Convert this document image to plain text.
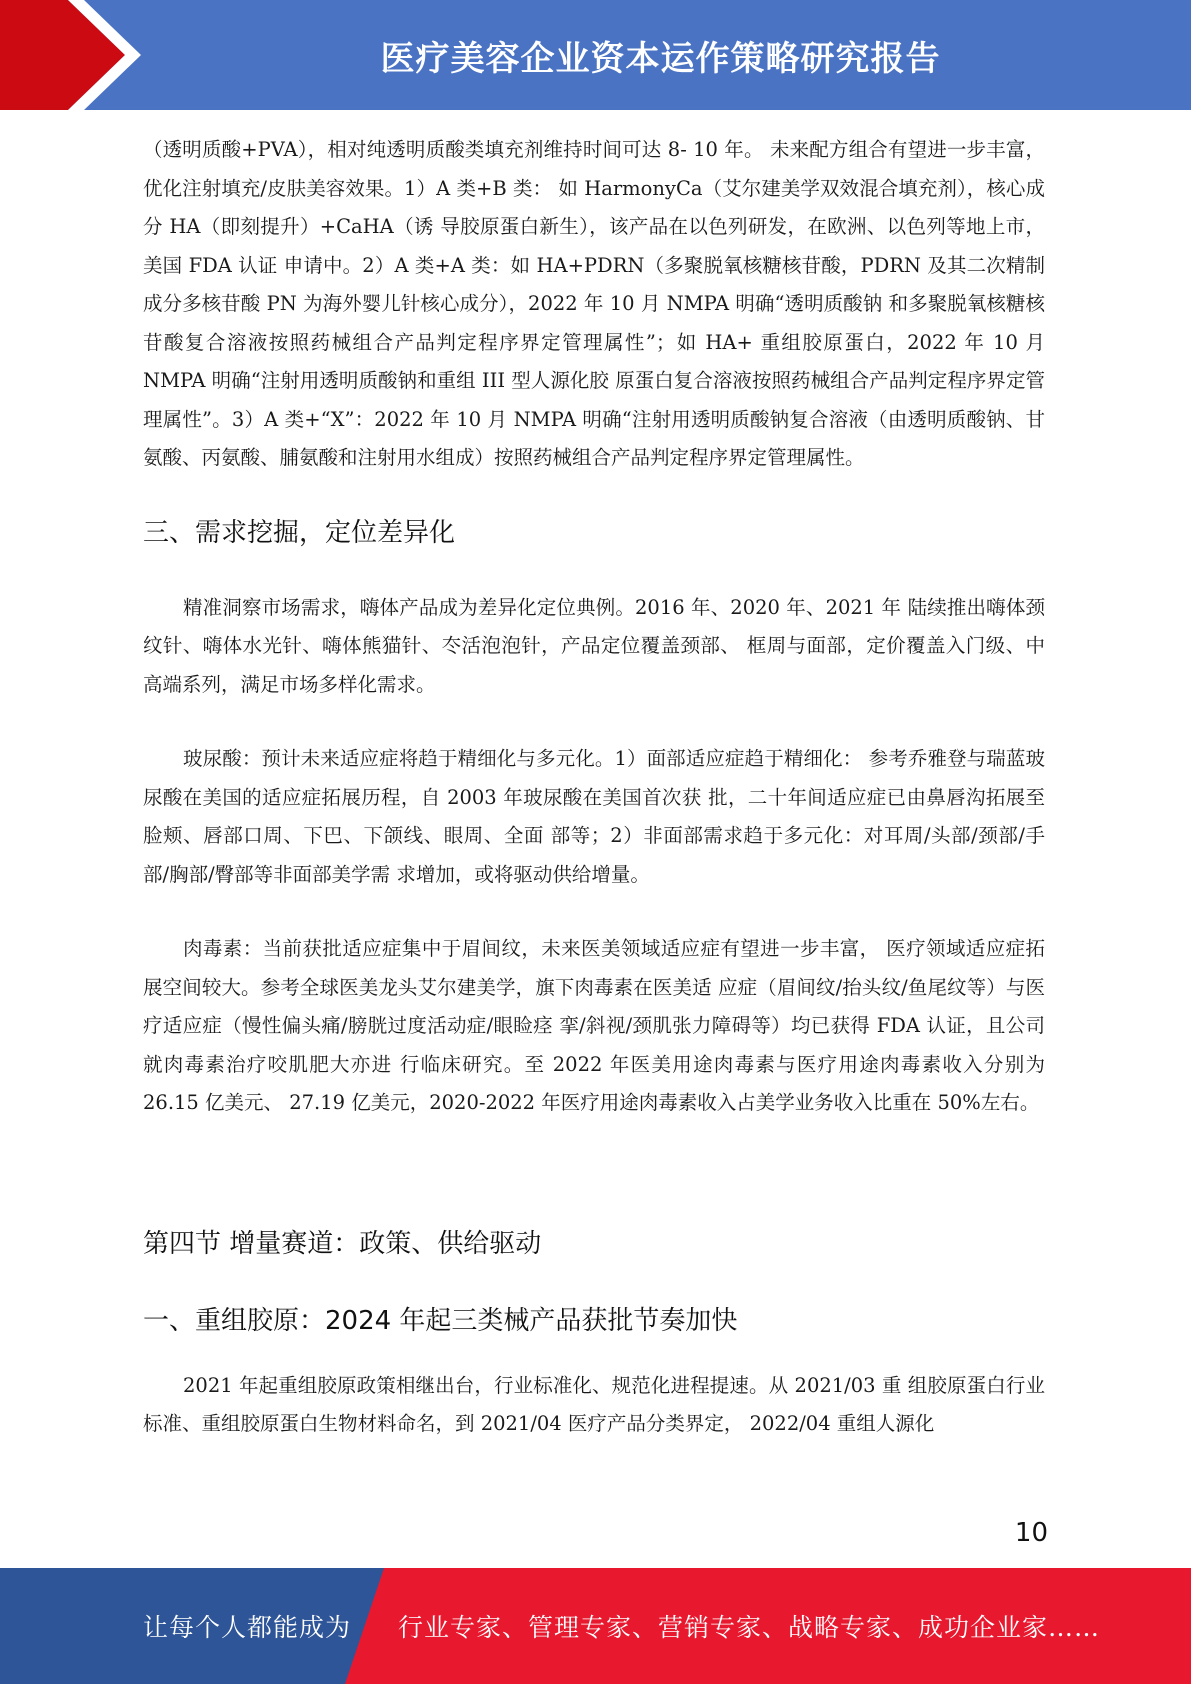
医疗美容企业资本运作策略研究报告

（透明质酸+PVA），相对纯透明质酸类填充剂维持时间可达 8- 10 年。 未来配方组合有望进一步丰富，优化注射填充/皮肤美容效果。1）A 类+B 类： 如 HarmonyCa（艾尔建美学双效混合填充剂），核心成分 HA（即刻提升）+CaHA（诱 导胶原蛋白新生），该产品在以色列研发，在欧洲、以色列等地上市，美国 FDA 认证 申请中。2）A 类+A 类：如 HA+PDRN（多聚脱氧核糖核苷酸，PDRN 及其二次精制 成分多核苷酸 PN 为海外婴儿针核心成分），2022 年 10 月 NMPA 明确“透明质酸钠 和多聚脱氧核糖核苷酸复合溶液按照药械组合产品判定程序界定管理属性”；如 HA+ 重组胶原蛋白，2022 年 10 月 NMPA 明确“注射用透明质酸钠和重组 III 型人源化胶 原蛋白复合溶液按照药械组合产品判定程序界定管理属性”。3）A 类+“X”：2022 年 10 月 NMPA 明确“注射用透明质酸钠复合溶液（由透明质酸钠、甘氨酸、丙氨酸、脯氨酸和注射用水组成）按照药械组合产品判定程序界定管理属性。

三、需求挖掘，定位差异化

精准洞察市场需求，嗨体产品成为差异化定位典例。2016 年、2020 年、2021 年 陆续推出嗨体颈纹针、嗨体水光针、嗨体熊猫针、冭活泡泡针，产品定位覆盖颈部、 框周与面部，定价覆盖入门级、中高端系列，满足市场多样化需求。

玻尿酸：预计未来适应症将趋于精细化与多元化。1）面部适应症趋于精细化： 参考乔雅登与瑞蓝玻尿酸在美国的适应症拓展历程，自 2003 年玻尿酸在美国首次获 批，二十年间适应症已由鼻唇沟拓展至脸颊、唇部口周、下巴、下颌线、眼周、全面 部等；2）非面部需求趋于多元化：对耳周/头部/颈部/手部/胸部/臀部等非面部美学需 求增加，或将驱动供给增量。

肉毒素：当前获批适应症集中于眉间纹，未来医美领域适应症有望进一步丰富， 医疗领域适应症拓展空间较大。参考全球医美龙头艾尔建美学，旗下肉毒素在医美适 应症（眉间纹/抬头纹/鱼尾纹等）与医疗适应症（慢性偏头痛/膀胱过度活动症/眼睑痉 挛/斜视/颈肌张力障碍等）均已获得 FDA 认证，且公司就肉毒素治疗咬肌肥大亦进 行临床研究。至 2022 年医美用途肉毒素与医疗用途肉毒素收入分别为 26.15 亿美元、 27.19 亿美元，2020-2022 年医疗用途肉毒素收入占美学业务收入比重在 50%左右。

第四节 增量赛道：政策、供给驱动
一、重组胶原：2024 年起三类械产品获批节奏加快

2021 年起重组胶原政策相继出台，行业标准化、规范化进程提速。从 2021/03 重 组胶原蛋白行业标准、重组胶原蛋白生物材料命名，到 2021/04 医疗产品分类界定， 2022/04 重组人源化

10
让每个人都能成为 行业专家、管理专家、营销专家、战略专家、成功企业家……
